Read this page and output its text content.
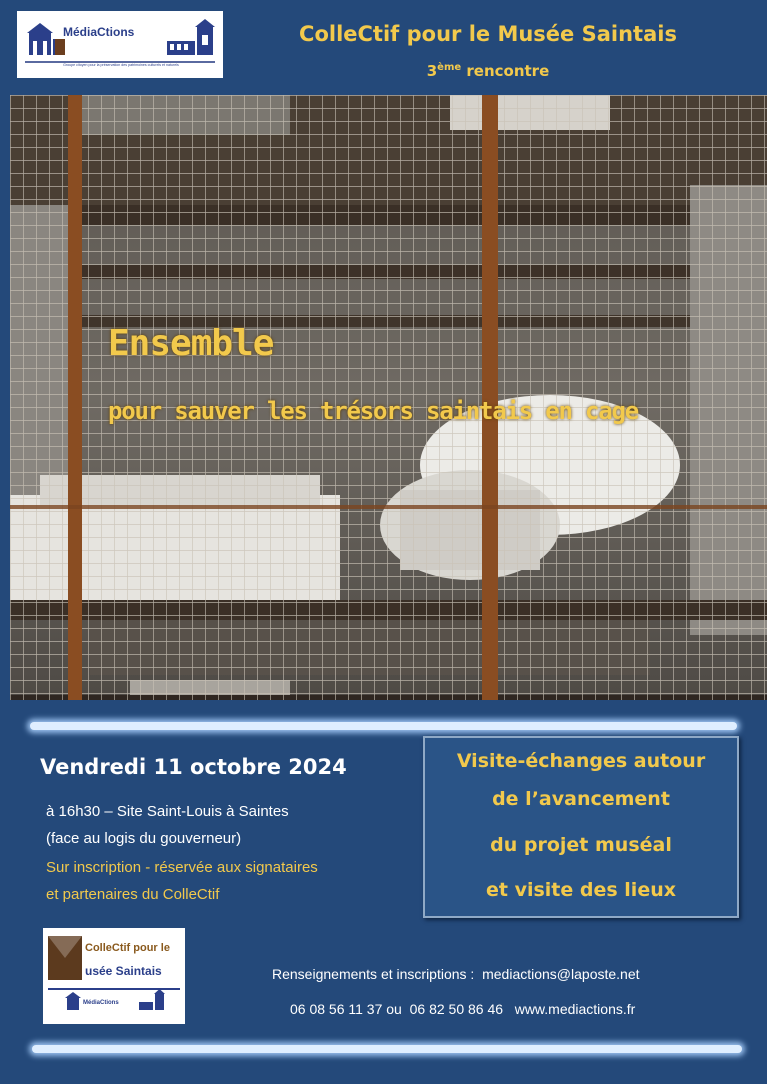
MédiaCtions
Groupe citoyen pour la préservation des patrimoines culturels et naturels
ColleCtif pour le Musée Saintais
3ème rencontre
Ensemble
pour sauver les trésors saintais en cage
Vendredi 11 octobre 2024
à 16h30 – Site Saint-Louis à Saintes
(face au logis du gouverneur)
Sur inscription - réservée aux signataires
et partenaires du ColleCtif
Visite-échanges autour
de l’avancement
du projet muséal
et visite des lieux
ColleCtif pour le
usée Saintais
MédiaCtions
Renseignements et inscriptions :  mediactions@laposte.net
06 08 56 11 37 ou  06 82 50 86 46   www.mediactions.fr
